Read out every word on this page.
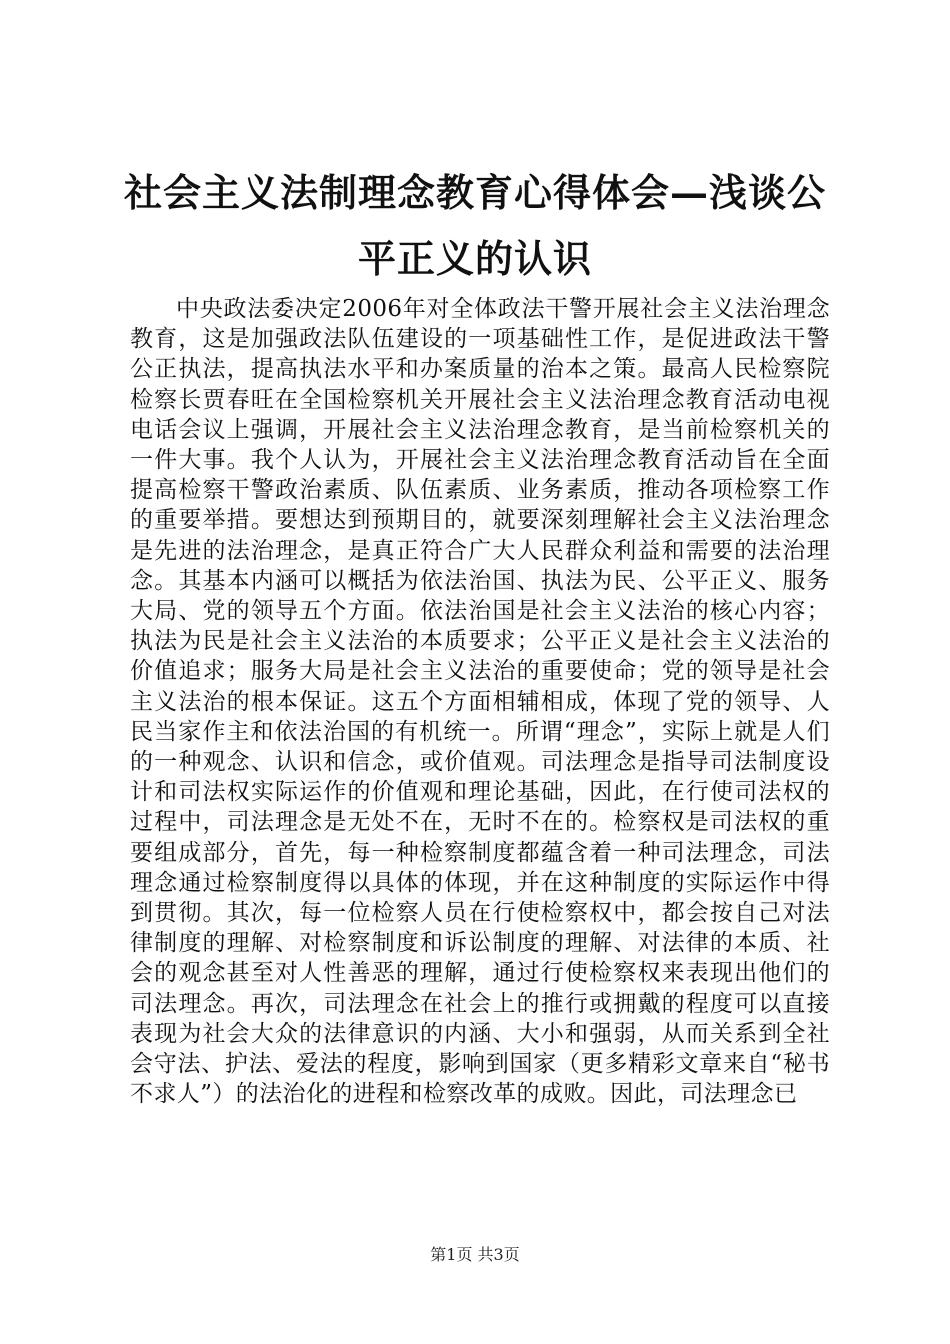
社会主义法制理念教育心得体会—浅谈公平正义的认识

中央政法委决定2006年对全体政法干警开展社会主义法治理念教育，这是加强政法队伍建设的一项基础性工作，是促进政法干警公正执法，提高执法水平和办案质量的治本之策。最高人民检察院检察长贾春旺在全国检察机关开展社会主义法治理念教育活动电视电话会议上强调，开展社会主义法治理念教育，是当前检察机关的一件大事。我个人认为，开展社会主义法治理念教育活动旨在全面提高检察干警政治素质、队伍素质、业务素质，推动各项检察工作的重要举措。要想达到预期目的，就要深刻理解社会主义法治理念是先进的法治理念，是真正符合广大人民群众利益和需要的法治理念。其基本内涵可以概括为依法治国、执法为民、公平正义、服务大局、党的领导五个方面。依法治国是社会主义法治的核心内容；执法为民是社会主义法治的本质要求；公平正义是社会主义法治的价值追求；服务大局是社会主义法治的重要使命；党的领导是社会主义法治的根本保证。这五个方面相辅相成，体现了党的领导、人民当家作主和依法治国的有机统一。所谓“理念”，实际上就是人们的一种观念、认识和信念，或价值观。司法理念是指导司法制度设计和司法权实际运作的价值观和理论基础，因此，在行使司法权的过程中，司法理念是无处不在，无时不在的。检察权是司法权的重要组成部分，首先，每一种检察制度都蕴含着一种司法理念，司法理念通过检察制度得以具体的体现，并在这种制度的实际运作中得到贯彻。其次，每一位检察人员在行使检察权中，都会按自己对法律制度的理解、对检察制度和诉讼制度的理解、对法律的本质、社会的观念甚至对人性善恶的理解，通过行使检察权来表现出他们的司法理念。再次，司法理念在社会上的推行或拥戴的程度可以直接表现为社会大众的法律意识的内涵、大小和强弱，从而关系到全社会守法、护法、爱法的程度，影响到国家（更多精彩文章来自“秘书不求人”）的法治化的进程和检察改革的成败。因此，司法理念已

第1页 共3页
